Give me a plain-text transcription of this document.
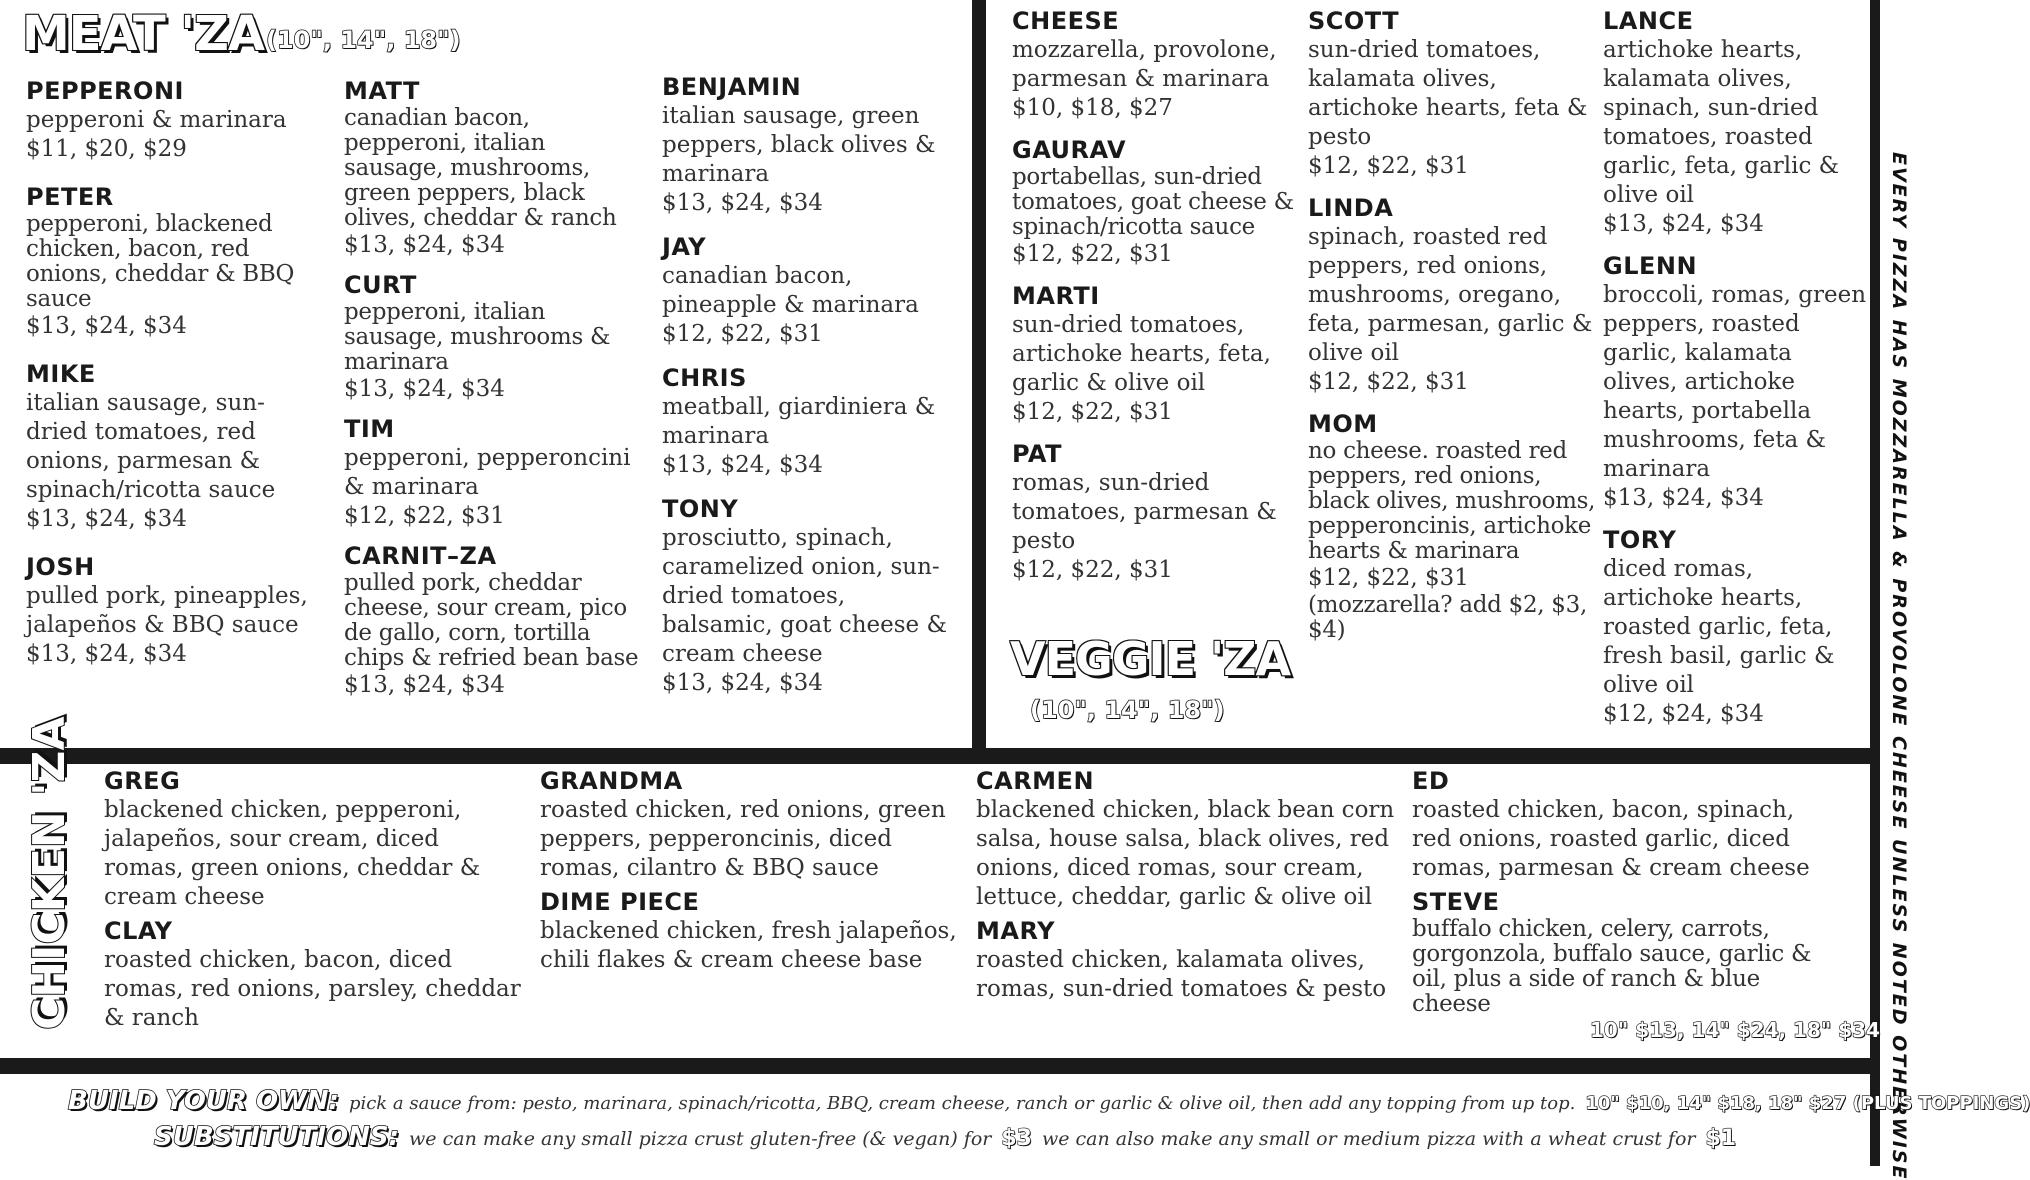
EVERY PIZZA HAS MOZZARELLA & PROVOLONE CHEESE UNLESS NOTED OTHERWISE
MEAT 'ZA (10", 14", 18")
PEPPERONI
pepperoni & marinara
$11, $20, $29
PETER
pepperoni, blackened chicken, bacon, red onions, cheddar & BBQ sauce
$13, $24, $34
MIKE
italian sausage, sun-dried tomatoes, red onions, parmesan & spinach/ricotta sauce
$13, $24, $34
JOSH
pulled pork, pineapples, jalapeños & BBQ sauce
$13, $24, $34
MATT
canadian bacon, pepperoni, italian sausage, mushrooms, green peppers, black olives, cheddar & ranch
$13, $24, $34
CURT
pepperoni, italian sausage, mushrooms & marinara
$13, $24, $34
TIM
pepperoni, pepperoncini & marinara
$12, $22, $31
CARNIT–ZA
pulled pork, cheddar cheese, sour cream, pico de gallo, corn, tortilla chips & refried bean base
$13, $24, $34
BENJAMIN
italian sausage, green peppers, black olives & marinara
$13, $24, $34
JAY
canadian bacon, pineapple & marinara
$12, $22, $31
CHRIS
meatball, giardiniera & marinara
$13, $24, $34
TONY
prosciutto, spinach, caramelized onion, sun-dried tomatoes, balsamic, goat cheese & cream cheese
$13, $24, $34
CHEESE
mozzarella, provolone, parmesan & marinara
$10, $18, $27
GAURAV
portabellas, sun-dried tomatoes, goat cheese & spinach/ricotta sauce
$12, $22, $31
MARTI
sun-dried tomatoes, artichoke hearts, feta, garlic & olive oil
$12, $22, $31
PAT
romas, sun-dried tomatoes, parmesan & pesto
$12, $22, $31
SCOTT
sun-dried tomatoes, kalamata olives, artichoke hearts, feta & pesto
$12, $22, $31
LINDA
spinach, roasted red peppers, red onions, mushrooms, oregano, feta, parmesan, garlic & olive oil
$12, $22, $31
MOM
no cheese. roasted red peppers, red onions, black olives, mushrooms, pepperoncinis, artichoke hearts & marinara
$12, $22, $31
(mozzarella? add $2, $3, $4)
LANCE
artichoke hearts, kalamata olives, spinach, sun-dried tomatoes, roasted garlic, feta, garlic & olive oil
$13, $24, $34
GLENN
broccoli, romas, green peppers, roasted garlic, kalamata olives, artichoke hearts, portabella mushrooms, feta & marinara
$13, $24, $34
TORY
diced romas, artichoke hearts, roasted garlic, feta, fresh basil, garlic & olive oil
$12, $24, $34
VEGGIE 'ZA
(10", 14", 18")
CHICKEN 'ZA GREG
blackened chicken, pepperoni, jalapeños, sour cream, diced romas, green onions, cheddar & cream cheese
CLAY
roasted chicken, bacon, diced romas, red onions, parsley, cheddar & ranch
GRANDMA
roasted chicken, red onions, green peppers, pepperoncinis, diced romas, cilantro & BBQ sauce
DIME PIECE
blackened chicken, fresh jalapeños, chili flakes & cream cheese base
CARMEN
blackened chicken, black bean corn salsa, house salsa, black olives, red onions, diced romas, sour cream, lettuce, cheddar, garlic & olive oil
MARY
roasted chicken, kalamata olives, romas, sun-dried tomatoes & pesto
ED
roasted chicken, bacon, spinach, red onions, roasted garlic, diced romas, parmesan & cream cheese
STEVE
buffalo chicken, celery, carrots, gorgonzola, buffalo sauce, garlic & oil, plus a side of ranch & blue cheese
10" $13, 14" $24, 18" $34
BUILD YOUR OWN: pick a sauce from: pesto, marinara, spinach/ricotta, BBQ, cream cheese, ranch or garlic & olive oil, then add any topping from up top. 10" $10, 14" $18, 18" $27 (PLUS TOPPINGS)
SUBSTITUTIONS: we can make any small pizza crust gluten-free (& vegan) for $3 we can also make any small or medium pizza with a wheat crust for $1
